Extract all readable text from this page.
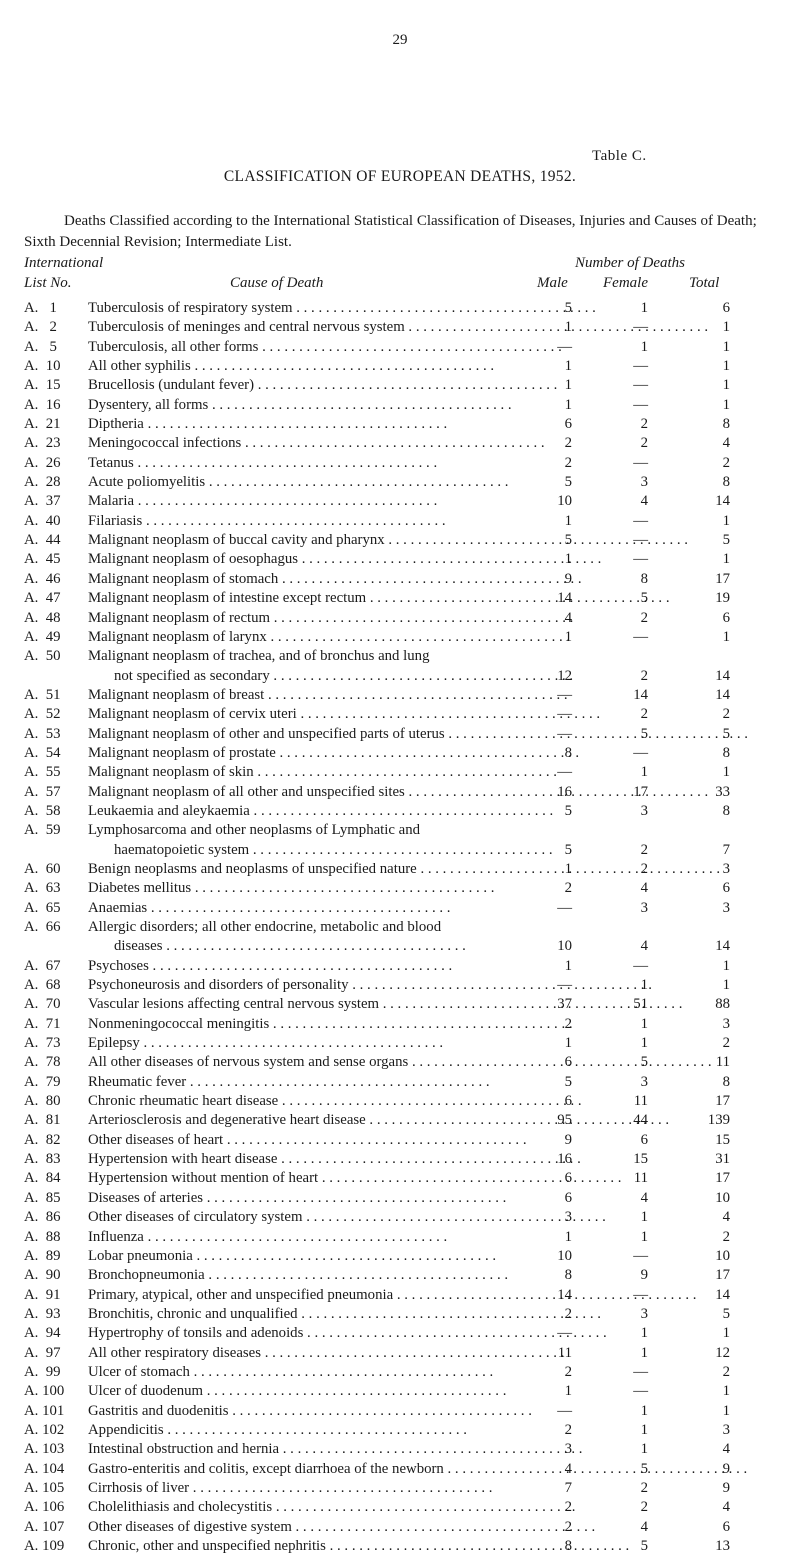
29
Table C.
CLASSIFICATION OF EUROPEAN DEATHS, 1952.
Deaths Classified according to the International Statistical Classification of Diseases, Injuries and Causes of Death; Sixth Decennial Revision; Intermediate List.
International
List No.	Cause of Death
Number of Deaths
Male Female	Total
A.   1	Tuberculosis of respiratory system . . .	5	1	6
A.   2	Tuberculosis of meninges and central nervous system . . .	1	—	1
A.   5	Tuberculosis, all other forms . . .	—	1	1
A.  10	All other syphilis . . .	1	—	1
A.  15	Brucellosis (undulant fever) . . .	1	—	1
A.  16	Dysentery, all forms . . .	1	—	1
A.  21	Diptheria . . .	6	2	8
A.  23	Meningococcal infections . . .	2	2	4
A.  26	Tetanus . . .	2	—	2
A.  28	Acute poliomyelitis . . .	5	3	8
A.  37	Malaria . . .	10	4	14
A.  40	Filariasis . . .	1	—	1
A.  44	Malignant neoplasm of buccal cavity and pharynx . . .	5	—	5
A.  45	Malignant neoplasm of oesophagus . . .	1	—	1
A.  46	Malignant neoplasm of stomach . . .	9	8	17
A.  47	Malignant neoplasm of intestine except rectum . . .	14	5	19
A.  48	Malignant neoplasm of rectum . . .	4	2	6
A.  49	Malignant neoplasm of larynx . . .	1	—	1
A.  50	Malignant neoplasm of trachea, and of bronchus and lung
not specified as secondary . . .	12	2	14
A.  51	Malignant neoplasm of breast . . .	—	14	14
A.  52	Malignant neoplasm of cervix uteri . . .	—	2	2
A.  53	Malignant neoplasm of other and unspecified parts of uterus . . .	—	5	5
A.  54	Malignant neoplasm of prostate . . .	8	—	8
A.  55	Malignant neoplasm of skin . . .	—	1	1
A.  57	Malignant neoplasm of all other and unspecified sites . . .	16	17	33
A.  58	Leukaemia and aleykaemia . . .	5	3	8
A.  59	Lymphosarcoma and other neoplasms of Lymphatic and
haematopoietic system . . .	5	2	7
A.  60	Benign neoplasms and neoplasms of unspecified nature . . .	1	2	3
A.  63	Diabetes mellitus . . .	2	4	6
A.  65	Anaemias . . .	—	3	3
A.  66	Allergic disorders; all other endocrine, metabolic and blood
diseases . . .	10	4	14
A.  67	Psychoses . . .	1	—	1
A.  68	Psychoneurosis and disorders of personality . . .	—	1	1
A.  70	Vascular lesions affecting central nervous system . . .	37	51	88
A.  71	Nonmeningococcal meningitis . . .	2	1	3
A.  73	Epilepsy . . .	1	1	2
A.  78	All other diseases of nervous system and sense organs . . .	6	5	11
A.  79	Rheumatic fever . . .	5	3	8
A.  80	Chronic rheumatic heart disease . . .	6	11	17
A.  81	Arteriosclerosis and degenerative heart disease . . .	95	44	139
A.  82	Other diseases of heart . . .	9	6	15
A.  83	Hypertension with heart disease . . .	16	15	31
A.  84	Hypertension without mention of heart . . .	6	11	17
A.  85	Diseases of arteries . . .	6	4	10
A.  86	Other diseases of circulatory system . . .	3	1	4
A.  88	Influenza . . .	1	1	2
A.  89	Lobar pneumonia . . .	10	—	10
A.  90	Bronchopneumonia . . .	8	9	17
A.  91	Primary, atypical, other and unspecified pneumonia . . .	14	—	14
A.  93	Bronchitis, chronic and unqualified . . .	2	3	5
A.  94	Hypertrophy of tonsils and adenoids . . .	—	1	1
A.  97	All other respiratory diseases . . .	11	1	12
A.  99	Ulcer of stomach . . .	2	—	2
A. 100	Ulcer of duodenum . . .	1	—	1
A. 101	Gastritis and duodenitis . . .	—	1	1
A. 102	Appendicitis . . .	2	1	3
A. 103	Intestinal obstruction and hernia . . .	3	1	4
A. 104	Gastro-enteritis and colitis, except diarrhoea of the newborn . . .	4	5	9
A. 105	Cirrhosis of liver . . .	7	2	9
A. 106	Cholelithiasis and cholecystitis . . .	2	2	4
A. 107	Other diseases of digestive system . . .	2	4	6
A. 109	Chronic, other and unspecified nephritis . . .	8	5	13
